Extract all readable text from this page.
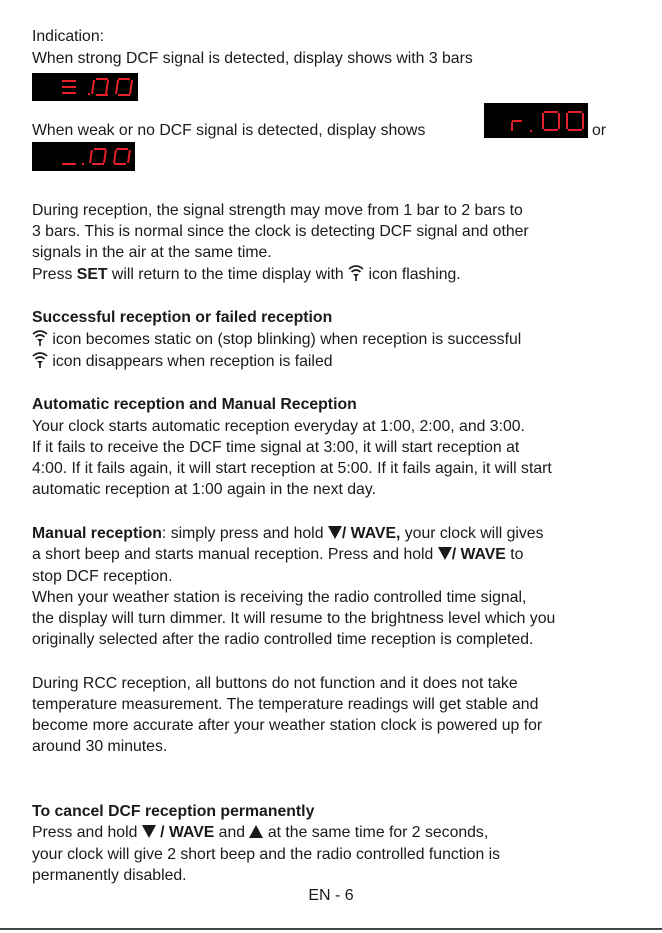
Indication:
When strong DCF signal is detected, display shows with 3 bars
When weak or no DCF signal is detected, display shows	or
During reception, the signal strength may move from 1 bar to 2 bars to
3 bars. This is normal since the clock is detecting DCF signal and other
signals in the air at the same time.
Press SET will return to the time display with
icon flashing.
Successful reception or failed reception
icon becomes static on (stop blinking) when reception is successful
icon disappears when reception is failed
Automatic reception and Manual Reception
Your clock starts automatic reception everyday at 1:00, 2:00, and 3:00.
If it fails to receive the DCF time signal at 3:00, it will start reception at
4:00. If it fails again, it will start reception at 5:00. If it fails again, it will start
automatic reception at 1:00 again in the next day.
Manual reception: simply press and hold / WAVE, your clock will gives
a short beep and starts manual reception. Press and hold / WAVE to
stop DCF reception.
When your weather station is receiving the radio controlled time signal,
the display will turn dimmer. It will resume to the brightness level which you
originally selected after the radio controlled time reception is completed.
During RCC reception, all buttons do not function and it does not take
temperature measurement. The temperature readings will get stable and
become more accurate after your weather station clock is powered up for
around 30 minutes.
To cancel DCF reception permanently
Press and hold  / WAVE and  at the same time for 2 seconds,
your clock will give 2 short beep and the radio controlled function is
permanently disabled.
EN - 6
